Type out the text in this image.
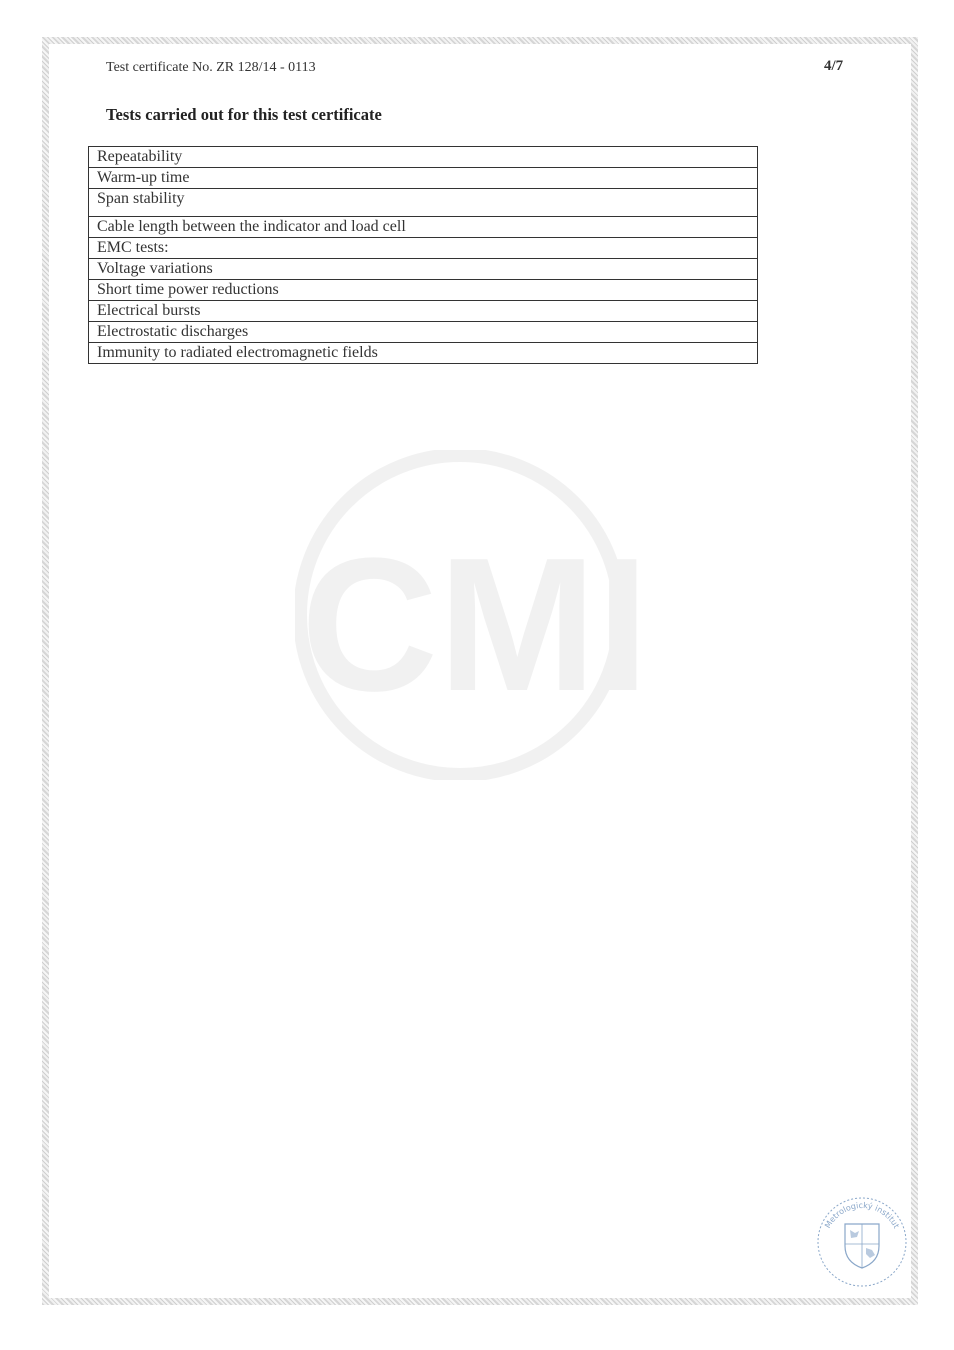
Test certificate No. ZR 128/14 - 0113	4/7
Tests carried out for this test certificate
Repeatability
Warm-up time
Span stability
Cable length between the indicator and load cell
EMC tests:
Voltage variations
Short time power reductions
Electrical bursts
Electrostatic discharges
Immunity to radiated electromagnetic fields
CMI
Metrologický institut
